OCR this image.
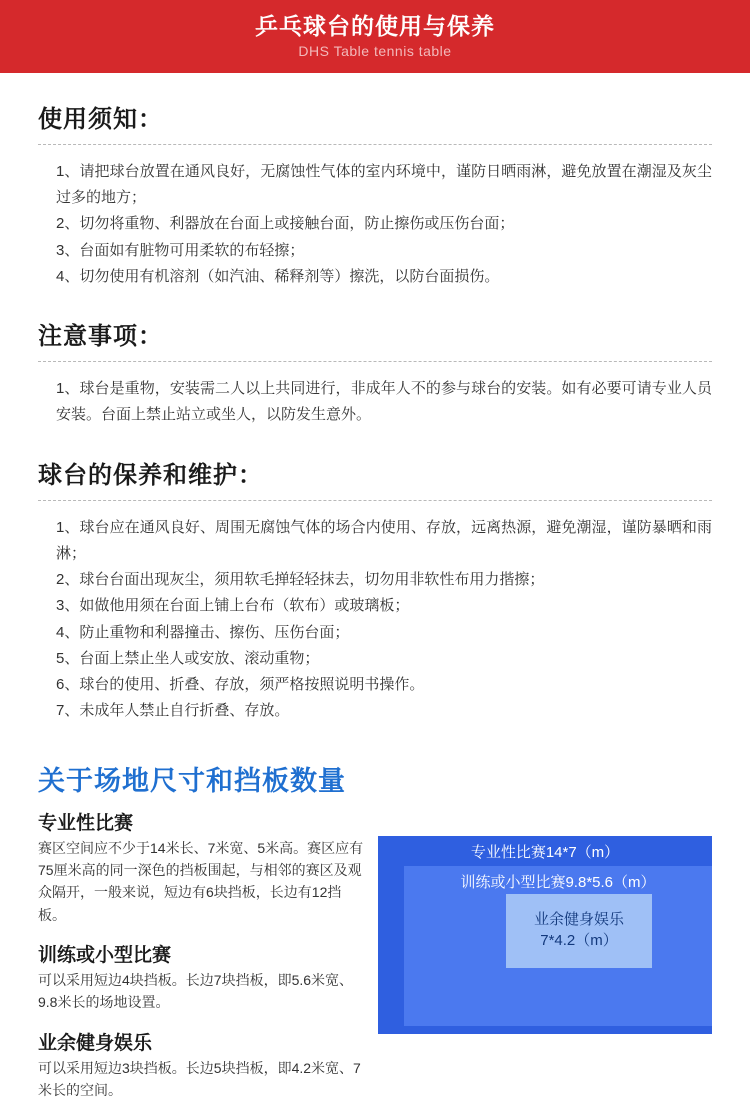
乒乓球台的使用与保养
DHS Table tennis table
使用须知：
1、请把球台放置在通风良好，无腐蚀性气体的室内环境中，谨防日晒雨淋，避免放置在潮湿及灰尘过多的地方；
2、切勿将重物、利器放在台面上或接触台面，防止擦伤或压伤台面；
3、台面如有脏物可用柔软的布轻擦；
4、切勿使用有机溶剂（如汽油、稀释剂等）擦洗，以防台面损伤。
注意事项：
1、球台是重物，安装需二人以上共同进行，非成年人不的参与球台的安装。如有必要可请专业人员安装。台面上禁止站立或坐人，以防发生意外。
球台的保养和维护：
1、球台应在通风良好、周围无腐蚀气体的场合内使用、存放，远离热源，避免潮湿，谨防暴晒和雨淋；
2、球台台面出现灰尘，须用软毛掸轻轻抹去，切勿用非软性布用力揩擦；
3、如做他用须在台面上铺上台布（软布）或玻璃板；
4、防止重物和利器撞击、擦伤、压伤台面；
5、台面上禁止坐人或安放、滚动重物；
6、球台的使用、折叠、存放，须严格按照说明书操作。
7、未成年人禁止自行折叠、存放。
关于场地尺寸和挡板数量
专业性比赛
赛区空间应不少于14米长、7米宽、5米高。赛区应有75厘米高的同一深色的挡板围起，与相邻的赛区及观众隔开，一般来说，短边有6块挡板，长边有12挡板。
训练或小型比赛
可以采用短边4块挡板。长边7块挡板，即5.6米宽、9.8米长的场地设置。
业余健身娱乐
可以采用短边3块挡板。长边5块挡板，即4.2米宽、7米长的空间。
专业性比赛14*7（m）
训练或小型比赛9.8*5.6（m）
业余健身娱乐
7*4.2（m）
